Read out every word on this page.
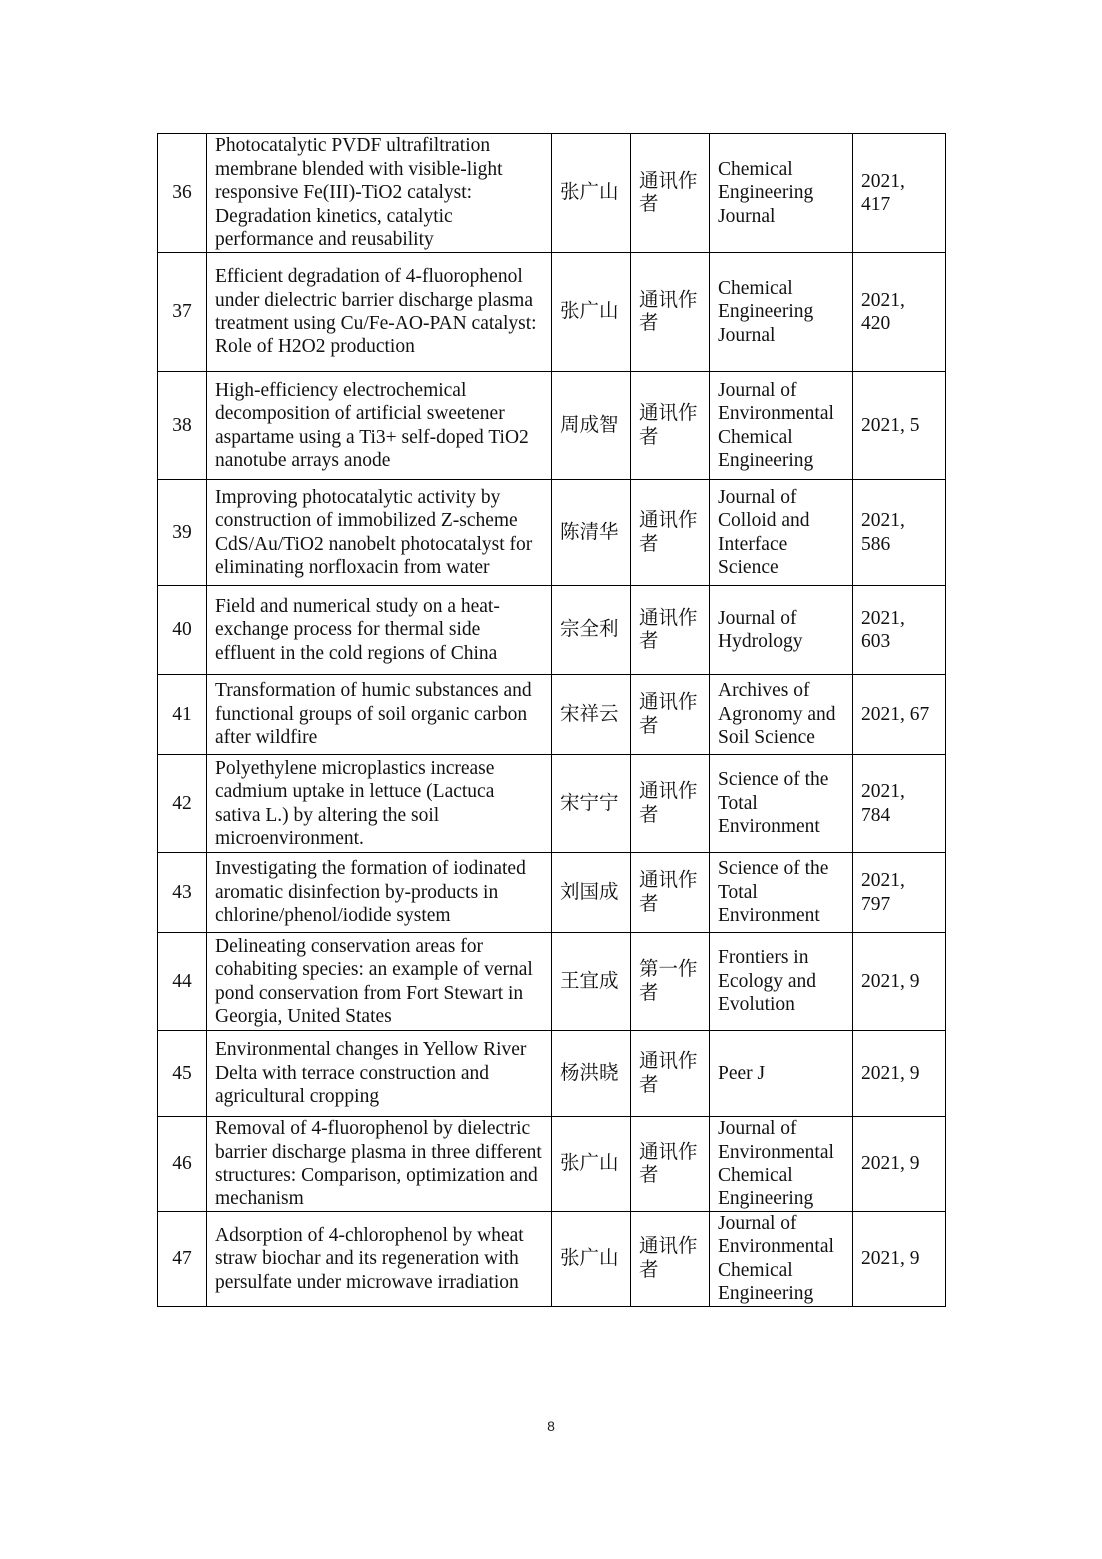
36	Photocatalytic PVDF ultrafiltration membrane blended with visible-light responsive Fe(III)-TiO2 catalyst: Degradation kinetics, catalytic performance and reusability	张广山	通讯作者	Chemical Engineering Journal	2021, 417
37	Efficient degradation of 4-fluorophenol under dielectric barrier discharge plasma treatment using Cu/Fe-AO-PAN catalyst: Role of H2O2 production	张广山	通讯作者	Chemical Engineering Journal	2021, 420
38	High-efficiency electrochemical decomposition of artificial sweetener aspartame using a Ti3+ self-doped TiO2 nanotube arrays anode	周成智	通讯作者	Journal of Environmental Chemical Engineering	2021, 5
39	Improving photocatalytic activity by construction of immobilized Z-scheme CdS/Au/TiO2 nanobelt photocatalyst for eliminating norfloxacin from water	陈清华	通讯作者	Journal of Colloid and Interface Science	2021, 586
40	Field and numerical study on a heat-exchange process for thermal side effluent in the cold regions of China	宗全利	通讯作者	Journal of Hydrology	2021, 603
41	Transformation of humic substances and functional groups of soil organic carbon after wildfire	宋祥云	通讯作者	Archives of Agronomy and Soil Science	2021, 67
42	Polyethylene microplastics increase cadmium uptake in lettuce (Lactuca sativa L.) by altering the soil microenvironment.	宋宁宁	通讯作者	Science of the Total Environment	2021, 784
43	Investigating the formation of iodinated aromatic disinfection by-products in chlorine/phenol/iodide system	刘国成	通讯作者	Science of the Total Environment	2021, 797
44	Delineating conservation areas for cohabiting species: an example of vernal pond conservation from Fort Stewart in Georgia, United States	王宜成	第一作者	Frontiers in Ecology and Evolution	2021, 9
45	Environmental changes in Yellow River Delta with terrace construction and agricultural cropping	杨洪晓	通讯作者	Peer J	2021, 9
46	Removal of 4-fluorophenol by dielectric barrier discharge plasma in three different structures: Comparison, optimization and mechanism	张广山	通讯作者	Journal of Environmental Chemical Engineering	2021, 9
47	Adsorption of 4-chlorophenol by wheat straw biochar and its regeneration with persulfate under microwave irradiation	张广山	通讯作者	Journal of Environmental Chemical Engineering	2021, 9
8
